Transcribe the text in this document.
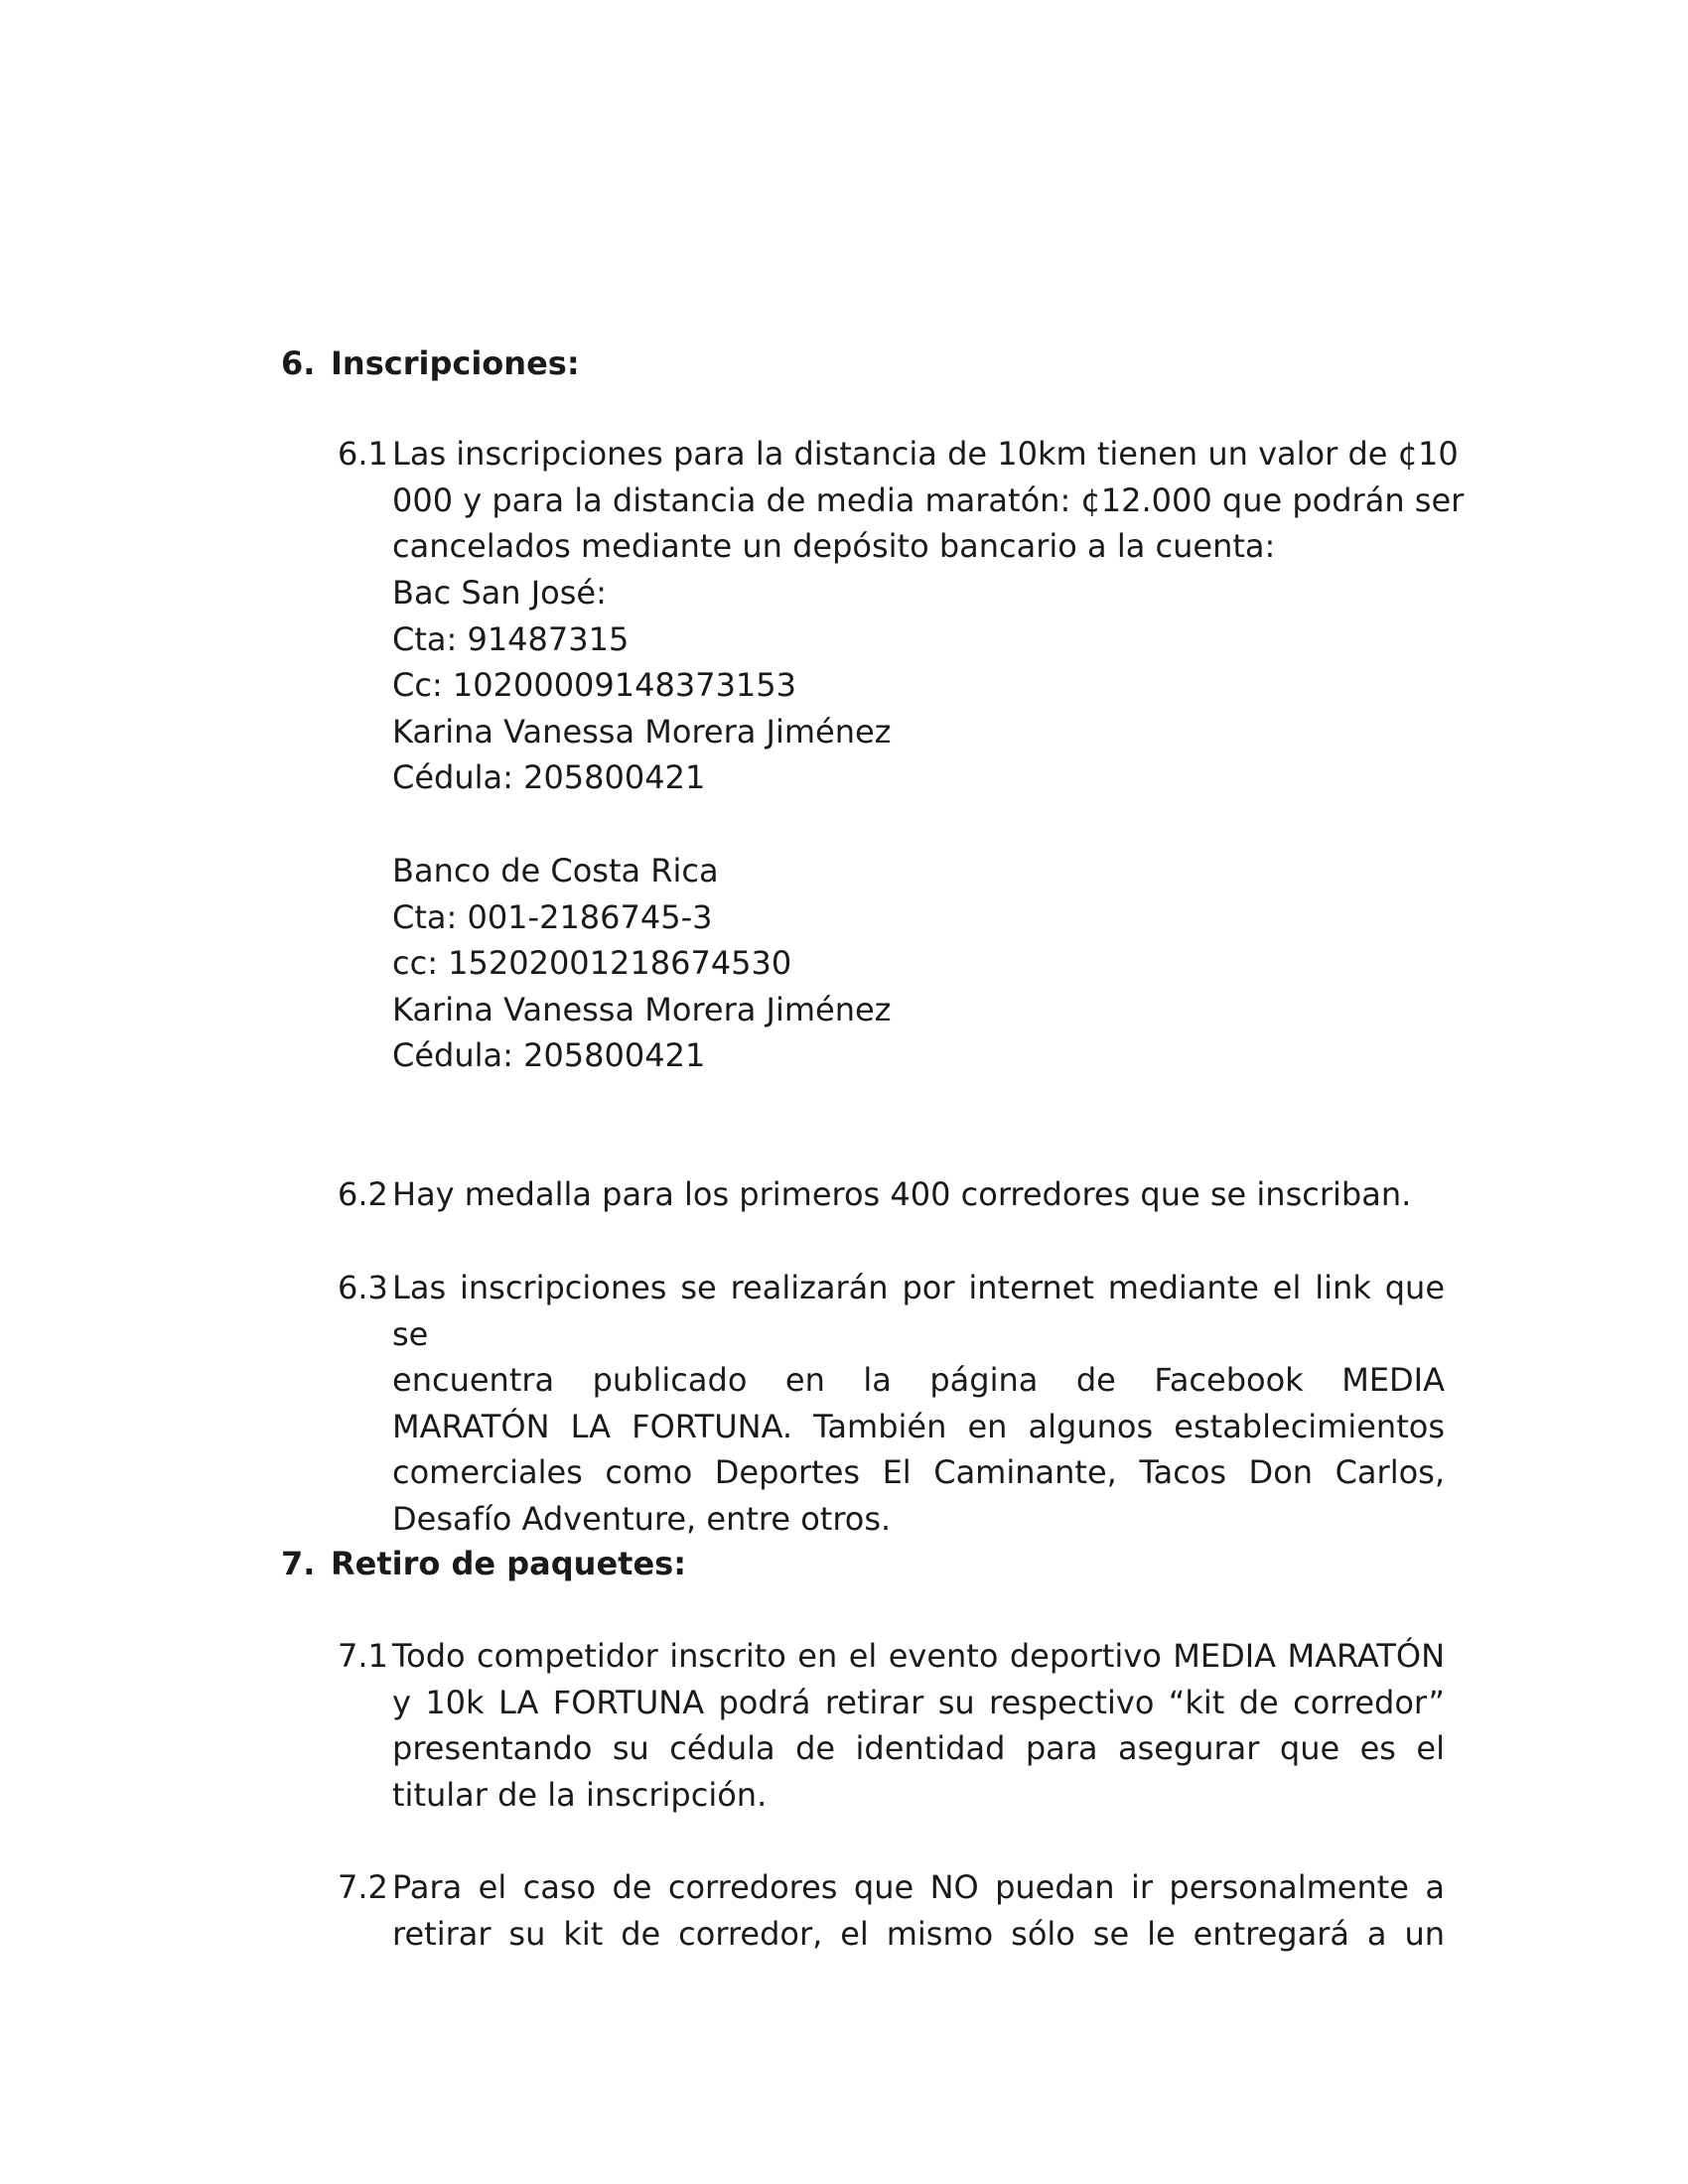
6. Inscripciones:
6.1 Las inscripciones para la distancia de 10km tienen un valor de ¢10
000 y para la distancia de media maratón: ¢12.000 que podrán ser
cancelados mediante un depósito bancario a la cuenta:
Bac San José:
Cta: 91487315
Cc: 10200009148373153
Karina Vanessa Morera Jiménez
Cédula: 205800421
Banco de Costa Rica
Cta: 001-2186745-3
cc: 15202001218674530
Karina Vanessa Morera Jiménez
Cédula: 205800421
6.2 Hay medalla para los primeros 400 corredores que se inscriban.
6.3 Las inscripciones se realizarán por internet mediante el link que se
encuentra publicado en la página de Facebook MEDIA
MARATÓN LA FORTUNA. También en algunos establecimientos
comerciales como Deportes El Caminante, Tacos Don Carlos,
Desafío Adventure, entre otros.
7. Retiro de paquetes:
7.1 Todo competidor inscrito en el evento deportivo MEDIA MARATÓN
y 10k LA FORTUNA podrá retirar su respectivo “kit de corredor”
presentando su cédula de identidad para asegurar que es el
titular de la inscripción.
7.2 Para el caso de corredores que NO puedan ir personalmente a
retirar su kit de corredor, el mismo sólo se le entregará a un
